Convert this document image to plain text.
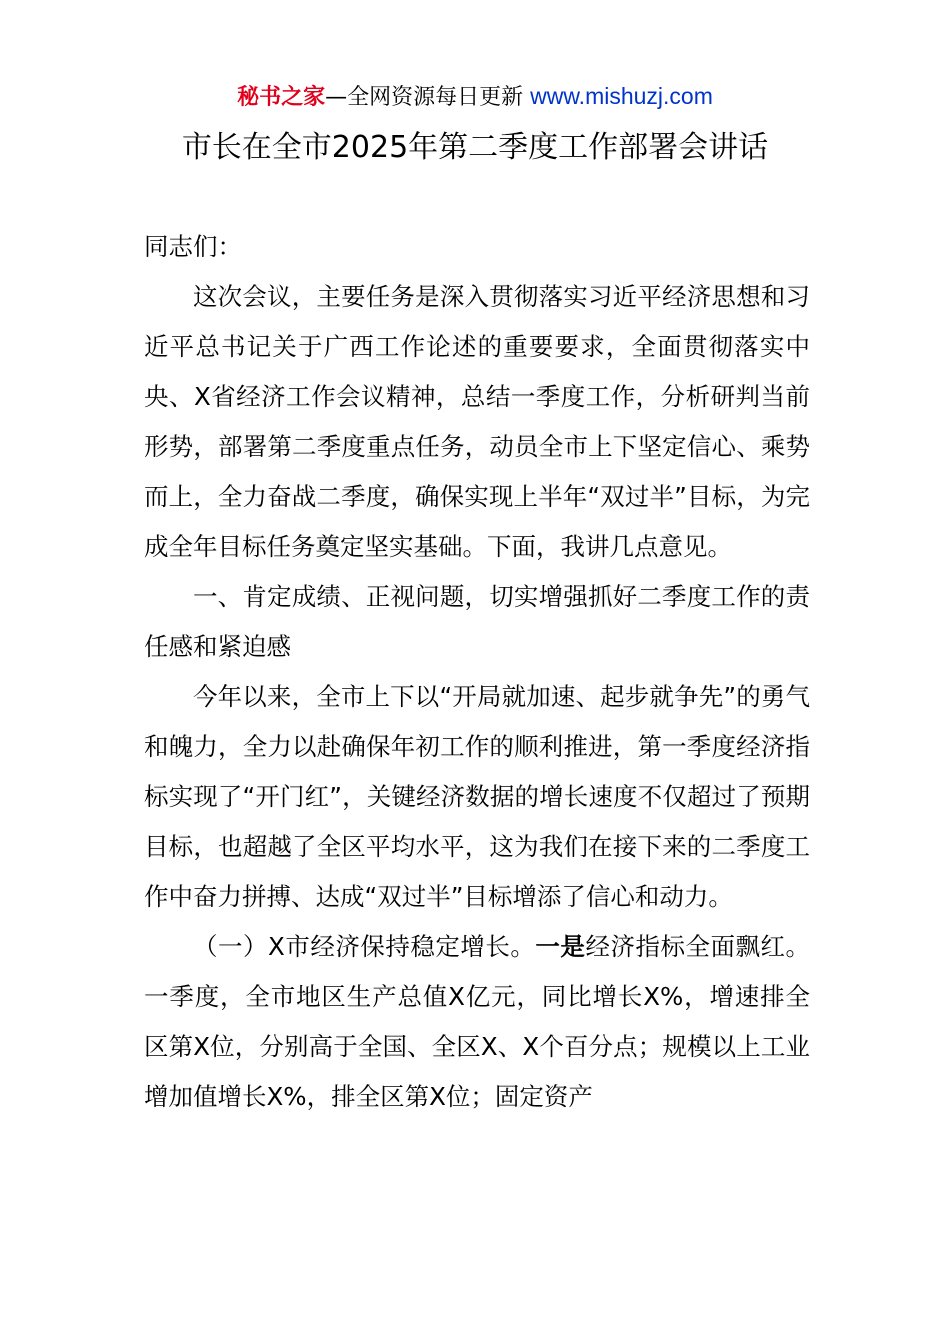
秘书之家—全网资源每日更新 www.mishuzj.com
市长在全市2025年第二季度工作部署会讲话

同志们：

这次会议，主要任务是深入贯彻落实习近平经济思想和习近平总书记关于广西工作论述的重要要求，全面贯彻落实中央、X省经济工作会议精神，总结一季度工作，分析研判当前形势，部署第二季度重点任务，动员全市上下坚定信心、乘势而上，全力奋战二季度，确保实现上半年“双过半”目标，为完成全年目标任务奠定坚实基础。下面，我讲几点意见。

一、肯定成绩、正视问题，切实增强抓好二季度工作的责任感和紧迫感

今年以来，全市上下以“开局就加速、起步就争先”的勇气和魄力，全力以赴确保年初工作的顺利推进，第一季度经济指标实现了“开门红”，关键经济数据的增长速度不仅超过了预期目标，也超越了全区平均水平，这为我们在接下来的二季度工作中奋力拼搏、达成“双过半”目标增添了信心和动力。

（一）X市经济保持稳定增长。一是经济指标全面飘红。一季度，全市地区生产总值X亿元，同比增长X%，增速排全区第X位，分别高于全国、全区X、X个百分点；规模以上工业增加值增长X%，排全区第X位；固定资产
